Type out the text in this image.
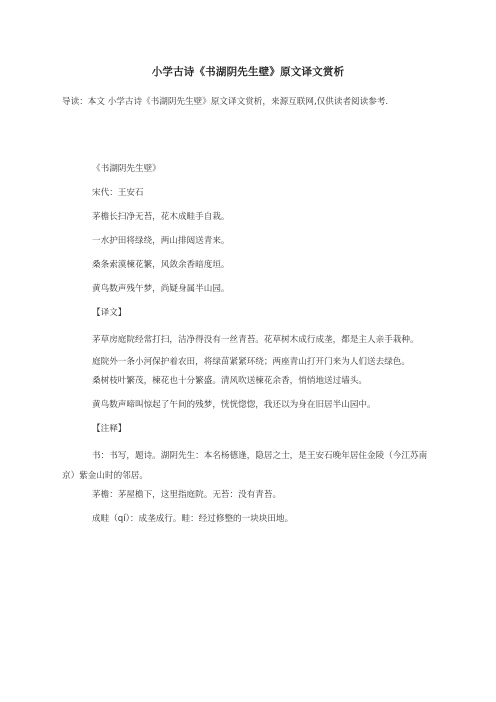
小学古诗《书湖阴先生壁》原文译文赏析
导读：本文 小学古诗《书湖阴先生壁》原文译文赏析，来源互联网,仅供读者阅读参考.

《书湖阴先生壁》

宋代：王安石

茅檐长扫净无苔，花木成畦手自栽。

一水护田将绿绕，两山排闼送青来。

桑条索漠楝花繁，风敛余香暗度垣。

黄鸟数声残午梦，尚疑身属半山园。

【译文】

茅草房庭院经常打扫，洁净得没有一丝青苔。花草树木成行成垄，都是主人亲手栽种。

庭院外一条小河保护着农田，将绿苗紧紧环绕；两座青山打开门来为人们送去绿色。

桑树枝叶繁茂，楝花也十分繁盛。清风吹送楝花余香，悄悄地送过墙头。

黄鸟数声啼叫惊起了午间的残梦，恍恍惚惚，我还以为身在旧居半山园中。

【注释】

书：书写，题诗。湖阴先生：本名杨德逢，隐居之士，是王安石晚年居住金陵（今江苏南京）紫金山时的邻居。

茅檐：茅屋檐下，这里指庭院。无苔：没有青苔。

成畦（qí）：成垄成行。畦：经过修整的一块块田地。
